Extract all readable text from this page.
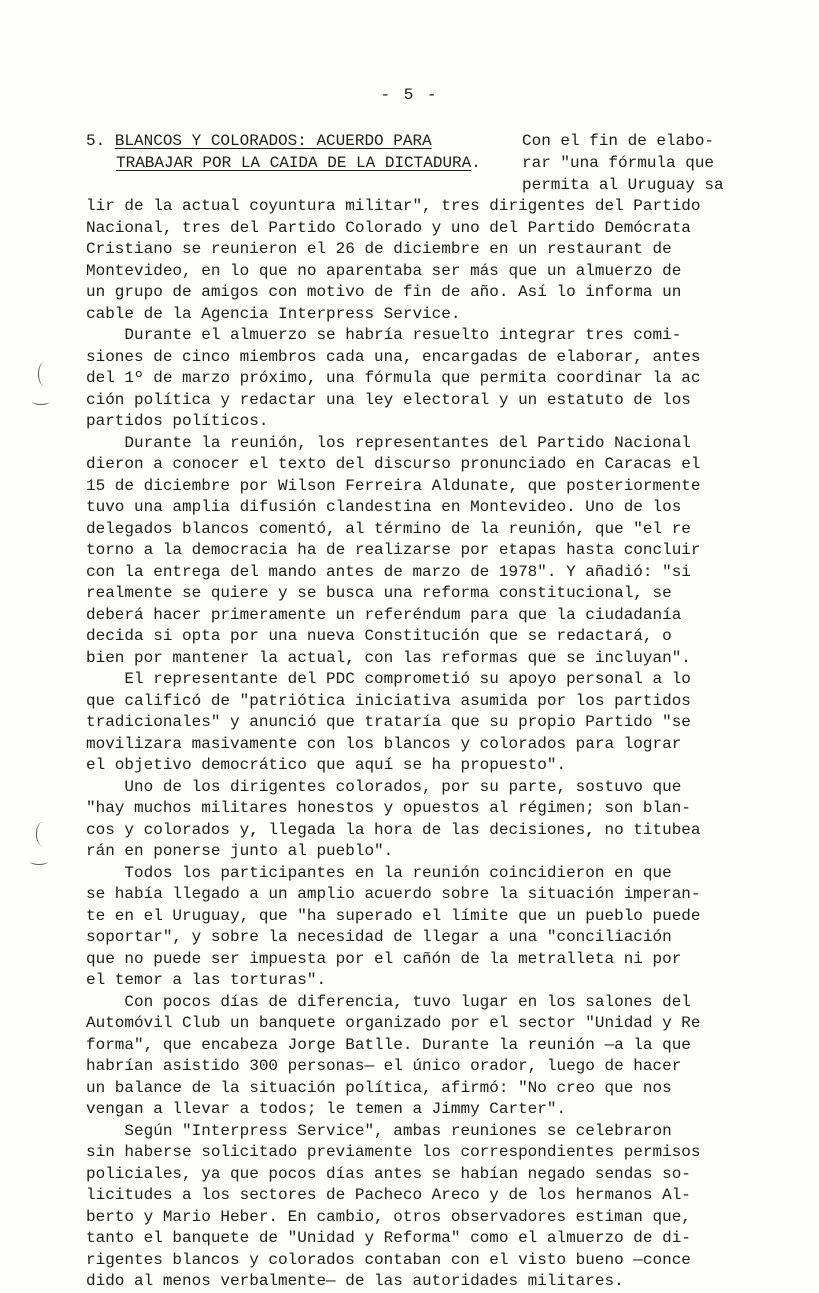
- 5 -
5. BLANCOS Y COLORADOS: ACUERDO PARA
TRABAJAR POR LA CAIDA DE LA DICTADURA.
Con el fin de elabo-
rar "una fórmula que
permita al Uruguay sa
lir de la actual coyuntura militar", tres dirigentes del Partido
Nacional, tres del Partido Colorado y uno del Partido Demócrata
Cristiano se reunieron el 26 de diciembre en un restaurant de
Montevideo, en lo que no aparentaba ser más que un almuerzo de
un grupo de amigos con motivo de fin de año. Así lo informa un
cable de la Agencia Interpress Service.
Durante el almuerzo se habría resuelto integrar tres comi-
siones de cinco miembros cada una, encargadas de elaborar, antes
del 1º de marzo próximo, una fórmula que permita coordinar la ac
ción política y redactar una ley electoral y un estatuto de los
partidos políticos.
Durante la reunión, los representantes del Partido Nacional
dieron a conocer el texto del discurso pronunciado en Caracas el
15 de diciembre por Wilson Ferreira Aldunate, que posteriormente
tuvo una amplia difusión clandestina en Montevideo. Uno de los
delegados blancos comentó, al término de la reunión, que "el re
torno a la democracia ha de realizarse por etapas hasta concluir
con la entrega del mando antes de marzo de 1978". Y añadió: "si
realmente se quiere y se busca una reforma constitucional, se
deberá hacer primeramente un referéndum para que la ciudadanía
decida si opta por una nueva Constitución que se redactará, o
bien por mantener la actual, con las reformas que se incluyan".
El representante del PDC comprometió su apoyo personal a lo
que calificó de "patriótica iniciativa asumida por los partidos
tradicionales" y anunció que trataría que su propio Partido "se
movilizara masivamente con los blancos y colorados para lograr
el objetivo democrático que aquí se ha propuesto".
Uno de los dirigentes colorados, por su parte, sostuvo que
"hay muchos militares honestos y opuestos al régimen; son blan-
cos y colorados y, llegada la hora de las decisiones, no titubea
rán en ponerse junto al pueblo".
Todos los participantes en la reunión coincidieron en que
se había llegado a un amplio acuerdo sobre la situación imperan-
te en el Uruguay, que "ha superado el límite que un pueblo puede
soportar", y sobre la necesidad de llegar a una "conciliación
que no puede ser impuesta por el cañón de la metralleta ni por
el temor a las torturas".
Con pocos días de diferencia, tuvo lugar en los salones del
Automóvil Club un banquete organizado por el sector "Unidad y Re
forma", que encabeza Jorge Batlle. Durante la reunión —a la que
habrían asistido 300 personas— el único orador, luego de hacer
un balance de la situación política, afirmó: "No creo que nos
vengan a llevar a todos; le temen a Jimmy Carter".
Según "Interpress Service", ambas reuniones se celebraron
sin haberse solicitado previamente los correspondientes permisos
policiales, ya que pocos días antes se habían negado sendas so-
licitudes a los sectores de Pacheco Areco y de los hermanos Al-
berto y Mario Heber. En cambio, otros observadores estiman que,
tanto el banquete de "Unidad y Reforma" como el almuerzo de di-
rigentes blancos y colorados contaban con el visto bueno —conce
dido al menos verbalmente— de las autoridades militares.
